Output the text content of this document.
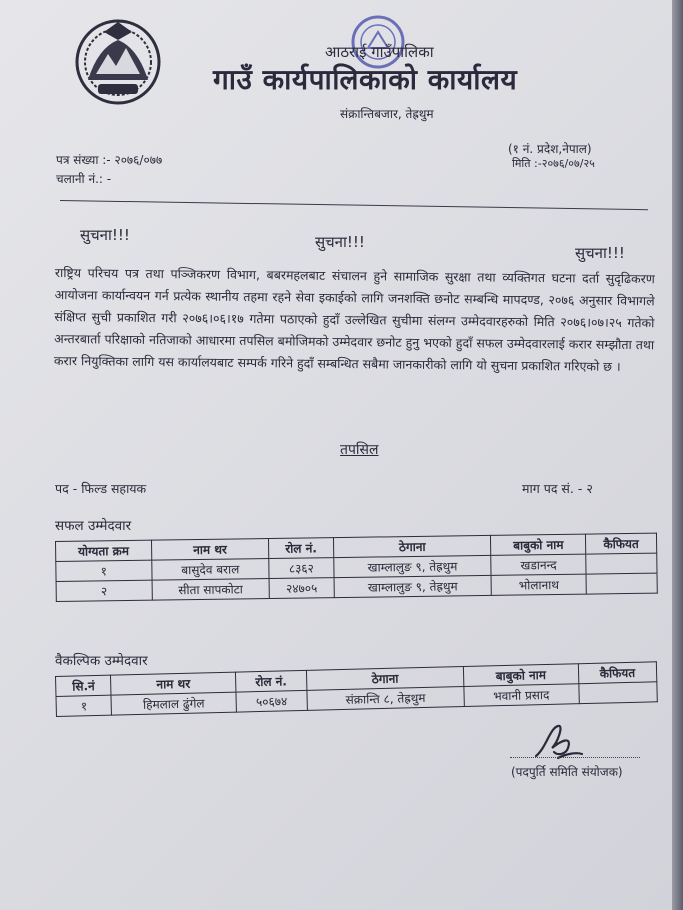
आठराई गाउँपालिका
गाउँ कार्यपालिकाको कार्यालय
संक्रान्तिबजार, तेह्रथुम
(१ नं. प्रदेश,नेपाल)
मिति :-२०७६/०७/२५
पत्र संख्या :- २०७६/०७७
चलानी नं.: -
सुचना!!!	सुचना!!!
सुचना!!!
राष्ट्रिय परिचय पत्र तथा पञ्जिकरण विभाग, बबरमहलबाट संचालन हुने सामाजिक सुरक्षा तथा व्यक्तिगत घटना दर्ता सुदृढिकरण आयोजना कार्यान्वयन गर्न प्रत्येक स्थानीय तहमा रहने सेवा इकाईको लागि जनशक्ति छनोट सम्बन्धि मापदण्ड, २०७६ अनुसार विभागले संक्षिप्त सुची प्रकाशित गरी २०७६।०६।१७ गतेमा पठाएको हुदाँ उल्लेखित सुचीमा संलग्न उम्मेदवारहरुको मिति २०७६।०७।२५ गतेको अन्तरबार्ता परिक्षाको नतिजाको आधारमा तपसिल बमोजिमको उम्मेदवार छनोट हुनु भएको हुदाँ सफल उम्मेदवारलाई करार सम्झौता तथा करार नियुक्तिका लागि यस कार्यालयबाट सम्पर्क गरिने हुदाँ सम्बन्धित सबैमा जानकारीको लागि यो सुचना प्रकाशित गरिएको छ ।
तपसिल
पद - फिल्ड सहायक	माग पद सं. - २
सफल उम्मेदवार
योग्यता क्रम	नाम थर	रोल नं.	ठेगाना	बाबुको नाम	कैफियत
१	बासुदेव बराल	८३६२	खाम्लालुङ ९, तेह्रथुम	खडानन्द	
२	सीता सापकोटा	२४७०५	खाम्लालुङ ९, तेह्रथुम	भोलानाथ	
वैकल्पिक उम्मेदवार
सि.नं	नाम थर	रोल नं.	ठेगाना	बाबुको नाम	कैफियत
१	हिमलाल ढुंगेल	५०६७४	संक्रान्ति ८, तेह्रथुम	भवानी प्रसाद	
(पदपुर्ति समिति संयोजक)
